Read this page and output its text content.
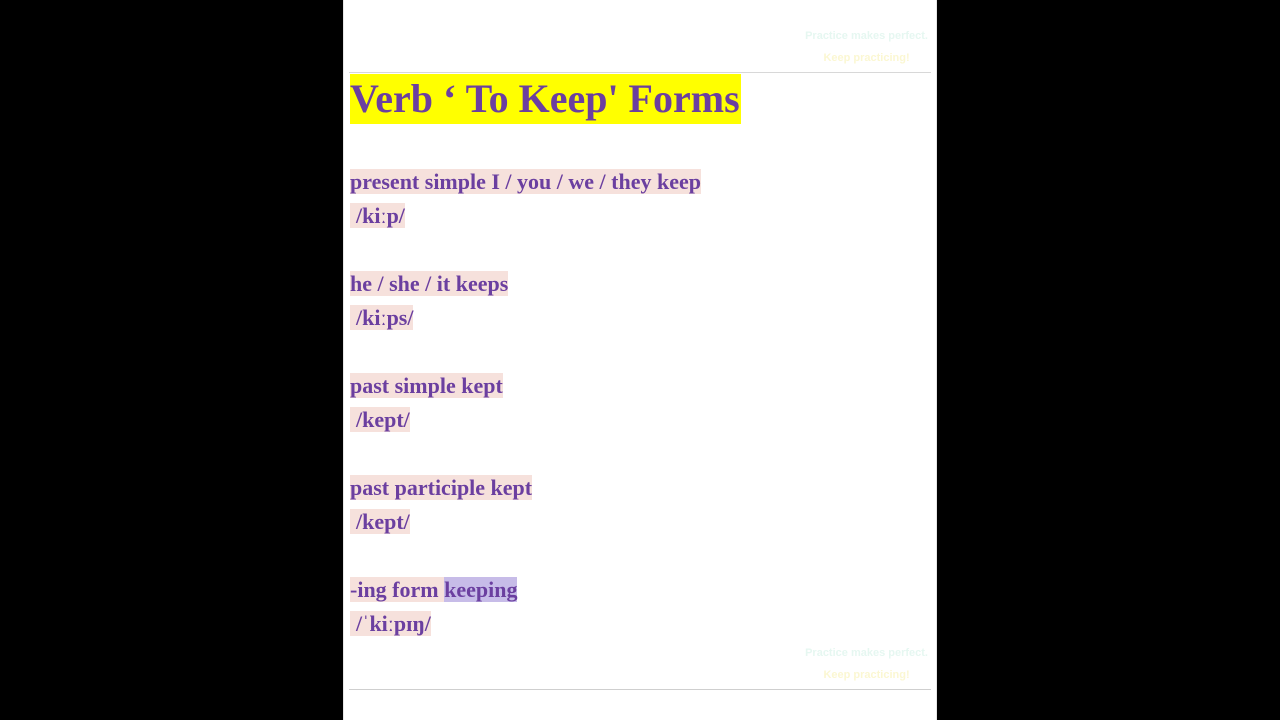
Practice makes perfect.
Keep practicing!
Verb ‘ To Keep' Forms
present simple I / you / we / they keep
/kiːp/
he / she / it keeps
/kiːps/
past simple kept
/kept/
past participle kept
/kept/
-ing form keeping
/ˈkiːpɪŋ/
Practice makes perfect.
Keep practicing!
